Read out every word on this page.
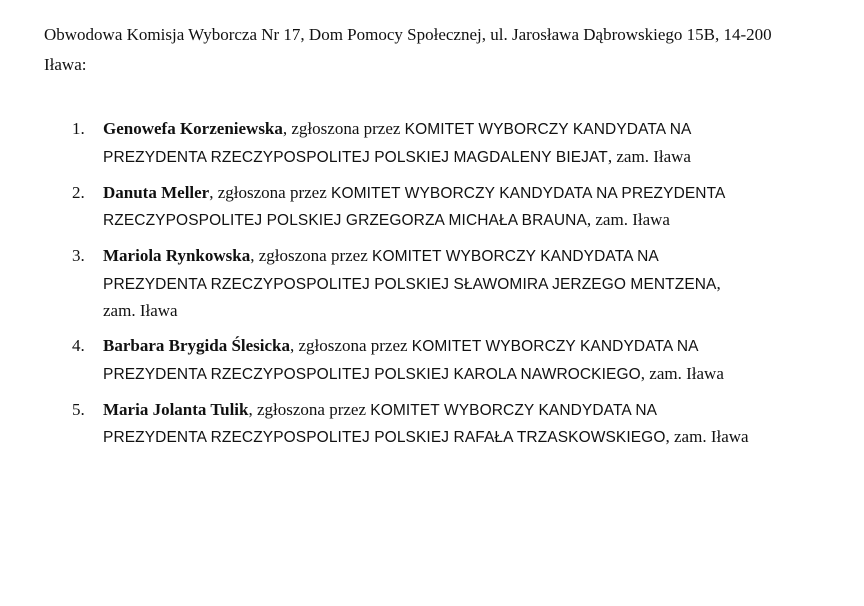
Obwodowa Komisja Wyborcza Nr 17, Dom Pomocy Społecznej, ul. Jarosława Dąbrowskiego 15B, 14-200
Iława:
1. Genowefa Korzeniewska, zgłoszona przez KOMITET WYBORCZY KANDYDATA NA
PREZYDENTA RZECZYPOSPOLITEJ POLSKIEJ MAGDALENY BIEJAT, zam. Iława
2. Danuta Meller, zgłoszona przez KOMITET WYBORCZY KANDYDATA NA PREZYDENTA
RZECZYPOSPOLITEJ POLSKIEJ GRZEGORZA MICHAŁA BRAUNA, zam. Iława
3. Mariola Rynkowska, zgłoszona przez KOMITET WYBORCZY KANDYDATA NA
PREZYDENTA RZECZYPOSPOLITEJ POLSKIEJ SŁAWOMIRA JERZEGO MENTZENA,
zam. Iława
4. Barbara Brygida Ślesicka, zgłoszona przez KOMITET WYBORCZY KANDYDATA NA
PREZYDENTA RZECZYPOSPOLITEJ POLSKIEJ KAROLA NAWROCKIEGO, zam. Iława
5. Maria Jolanta Tulik, zgłoszona przez KOMITET WYBORCZY KANDYDATA NA
PREZYDENTA RZECZYPOSPOLITEJ POLSKIEJ RAFAŁA TRZASKOWSKIEGO, zam. Iława
